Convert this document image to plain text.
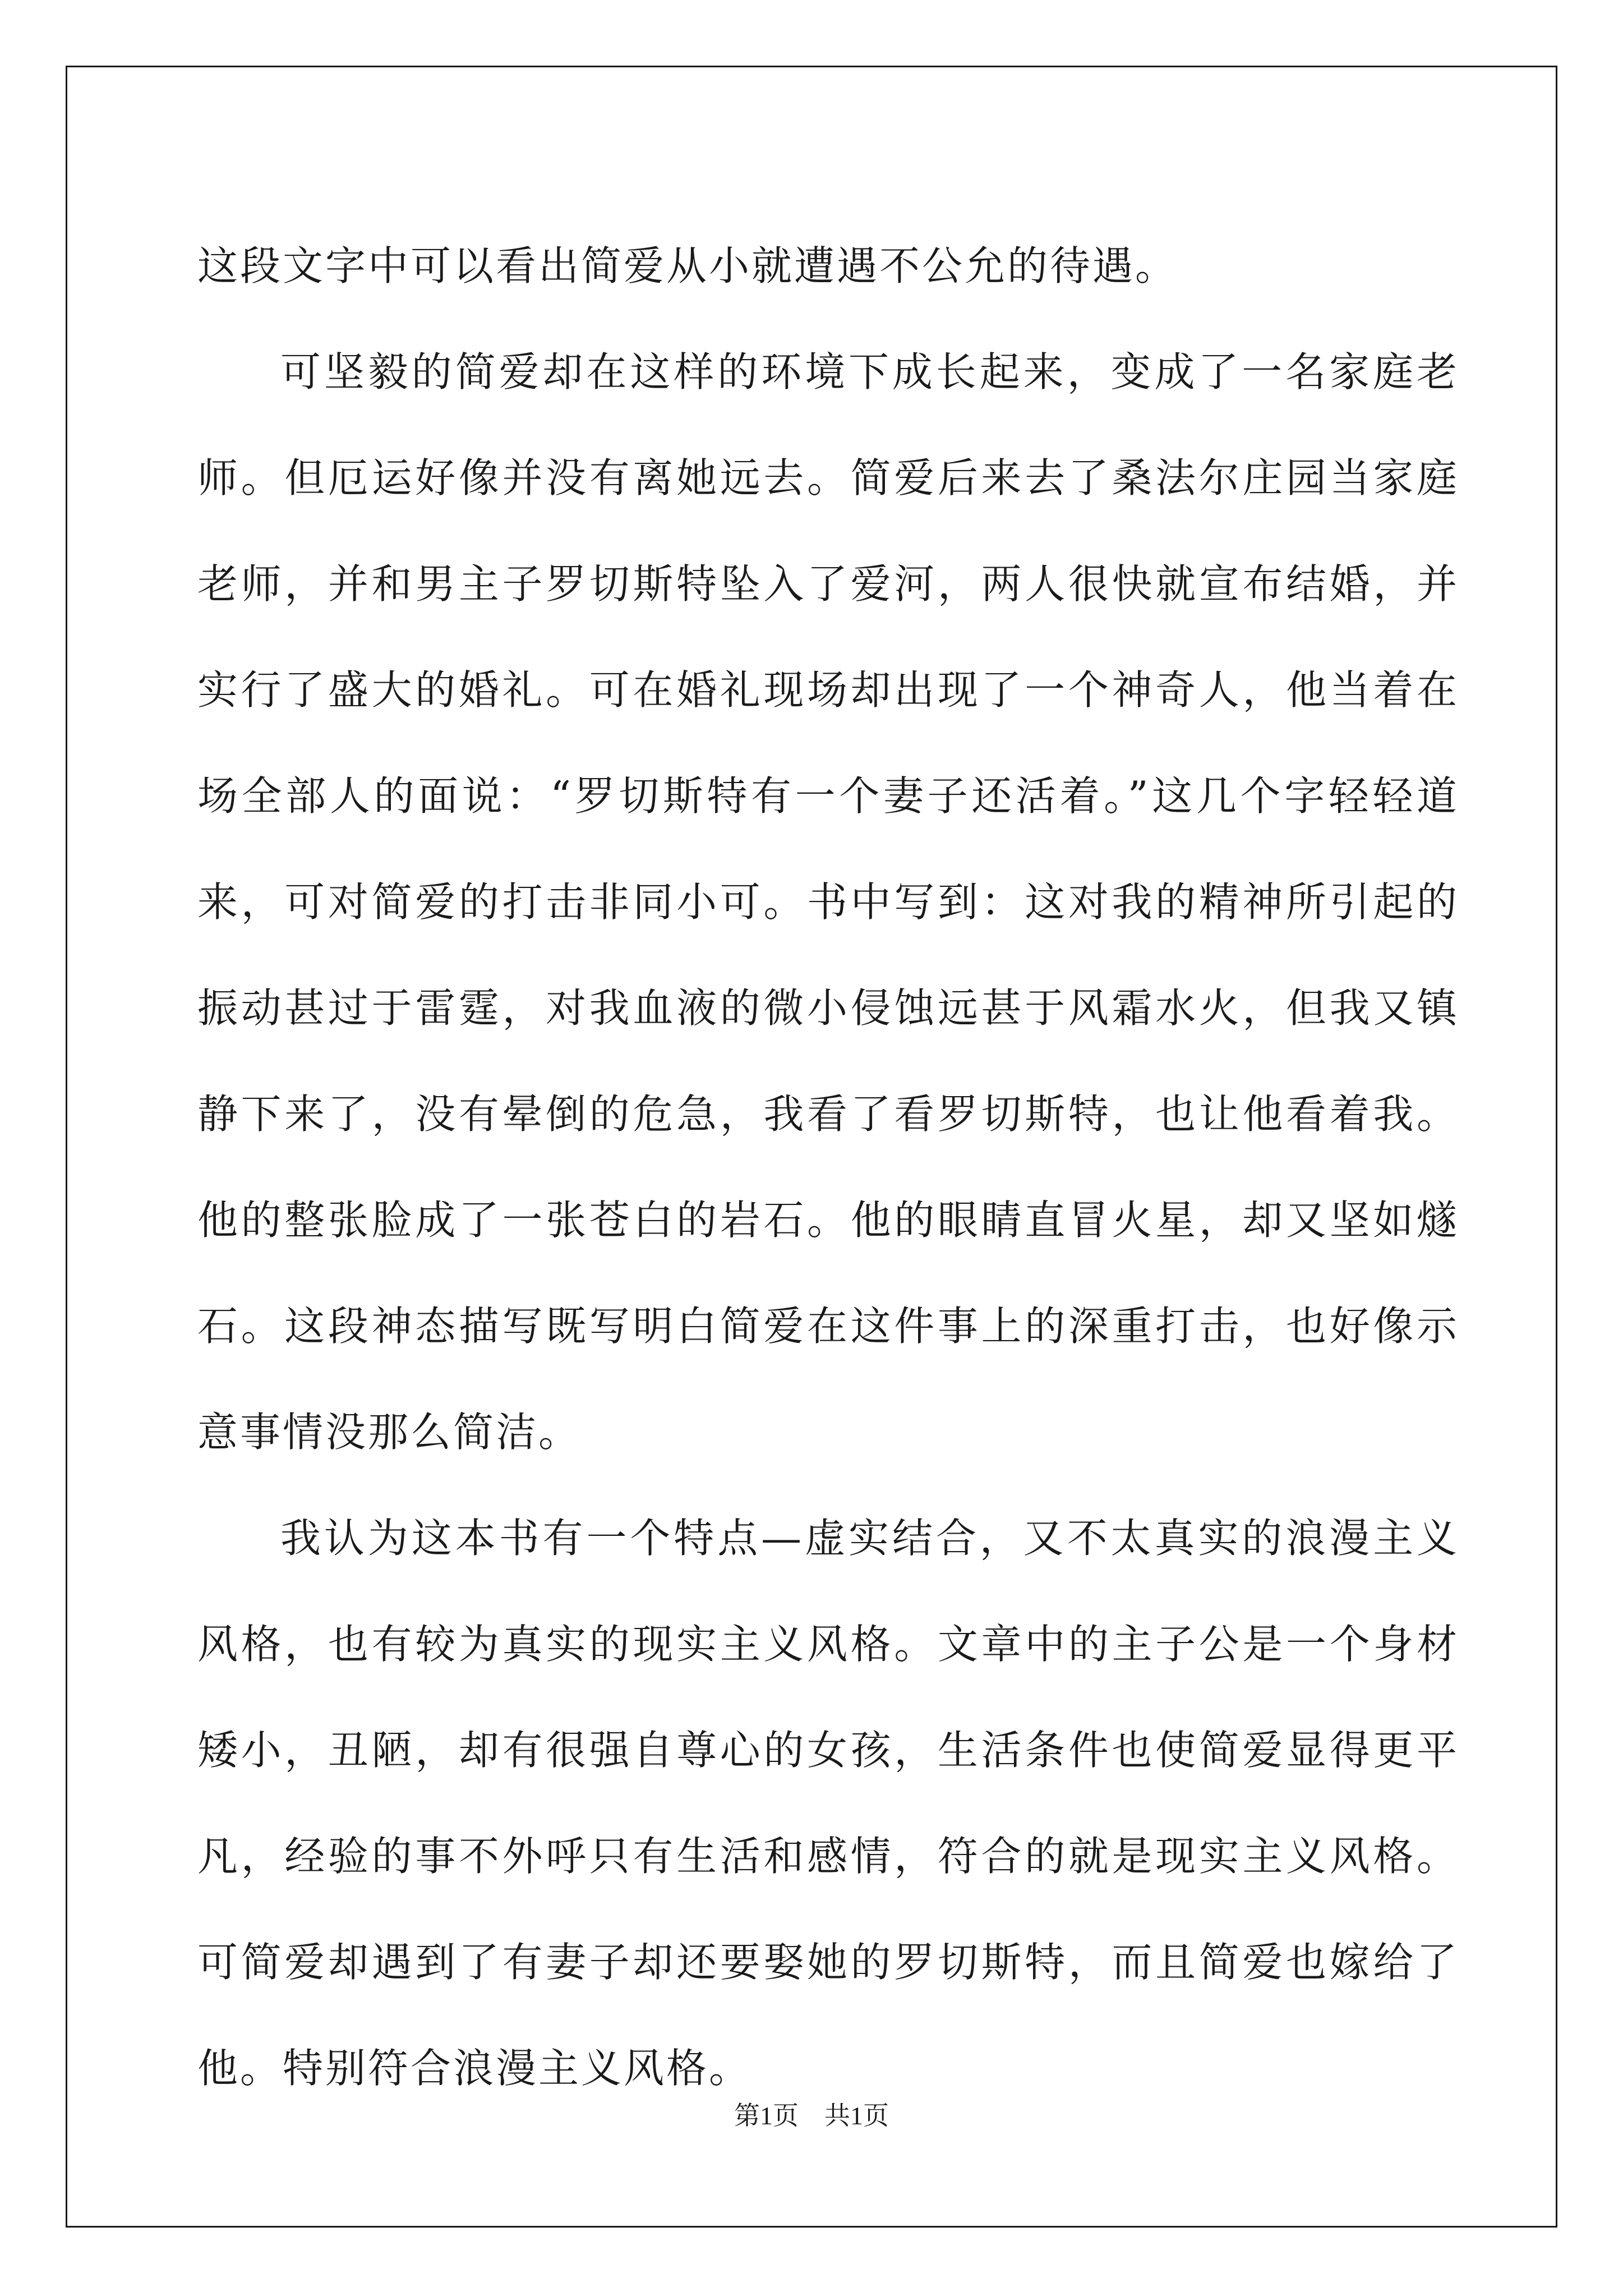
这段文字中可以看出简爱从小就遭遇不公允的待遇。

可坚毅的简爱却在这样的环境下成长起来，变成了一名家庭老师。但厄运好像并没有离她远去。简爱后来去了桑法尔庄园当家庭老师，并和男主子罗切斯特坠入了爱河，两人很快就宣布结婚，并实行了盛大的婚礼。可在婚礼现场却出现了一个神奇人，他当着在场全部人的面说：“罗切斯特有一个妻子还活着。”这几个字轻轻道来，可对简爱的打击非同小可。书中写到：这对我的精神所引起的振动甚过于雷霆，对我血液的微小侵蚀远甚于风霜水火，但我又镇静下来了，没有晕倒的危急，我看了看罗切斯特，也让他看着我。他的整张脸成了一张苍白的岩石。他的眼睛直冒火星，却又坚如燧石。这段神态描写既写明白简爱在这件事上的深重打击，也好像示意事情没那么简洁。

我认为这本书有一个特点—虚实结合，又不太真实的浪漫主义风格，也有较为真实的现实主义风格。文章中的主子公是一个身材矮小，丑陋，却有很强自尊心的女孩，生活条件也使简爱显得更平凡，经验的事不外呼只有生活和感情，符合的就是现实主义风格。可简爱却遇到了有妻子却还要娶她的罗切斯特，而且简爱也嫁给了他。特别符合浪漫主义风格。

第1页 共1页
